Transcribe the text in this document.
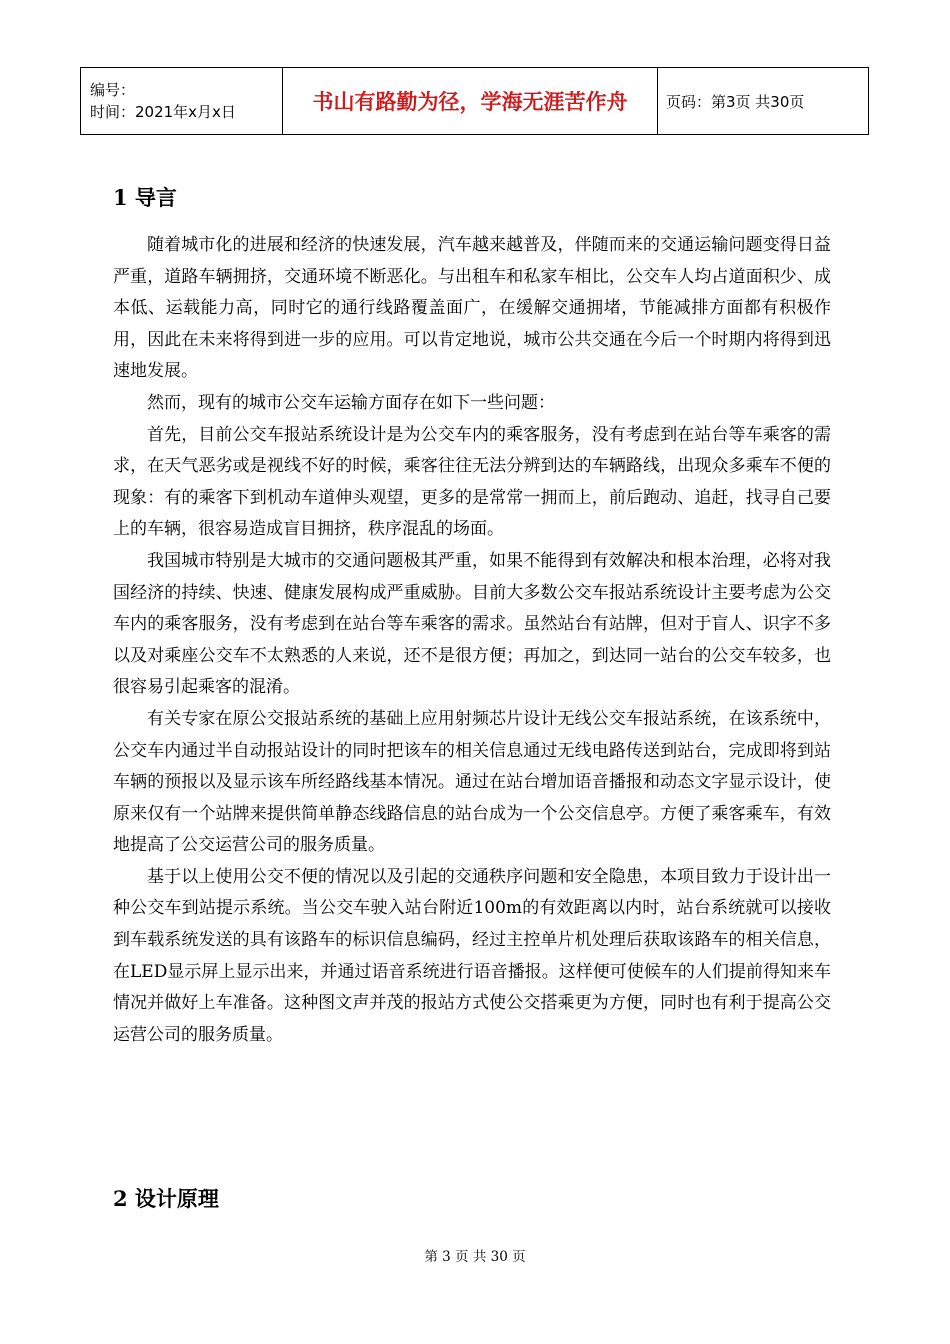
编号：
时间：2021年x月x日	书山有路勤为径，学海无涯苦作舟	页码：第3页 共30页
1 导言

随着城市化的进展和经济的快速发展，汽车越来越普及，伴随而来的交通运输问题变得日益严重，道路车辆拥挤，交通环境不断恶化。与出租车和私家车相比，公交车人均占道面积少、成本低、运载能力高，同时它的通行线路覆盖面广，在缓解交通拥堵，节能减排方面都有积极作用，因此在未来将得到进一步的应用。可以肯定地说，城市公共交通在今后一个时期内将得到迅速地发展。

然而，现有的城市公交车运输方面存在如下一些问题：

首先，目前公交车报站系统设计是为公交车内的乘客服务，没有考虑到在站台等车乘客的需求，在天气恶劣或是视线不好的时候，乘客往往无法分辨到达的车辆路线，出现众多乘车不便的现象：有的乘客下到机动车道伸头观望，更多的是常常一拥而上，前后跑动、追赶，找寻自己要上的车辆，很容易造成盲目拥挤，秩序混乱的场面。

我国城市特别是大城市的交通问题极其严重，如果不能得到有效解决和根本治理，必将对我国经济的持续、快速、健康发展构成严重威胁。目前大多数公交车报站系统设计主要考虑为公交车内的乘客服务，没有考虑到在站台等车乘客的需求。虽然站台有站牌，但对于盲人、识字不多以及对乘座公交车不太熟悉的人来说，还不是很方便；再加之，到达同一站台的公交车较多，也很容易引起乘客的混淆。

有关专家在原公交报站系统的基础上应用射频芯片设计无线公交车报站系统，在该系统中，公交车内通过半自动报站设计的同时把该车的相关信息通过无线电路传送到站台，完成即将到站车辆的预报以及显示该车所经路线基本情况。通过在站台增加语音播报和动态文字显示设计，使原来仅有一个站牌来提供简单静态线路信息的站台成为一个公交信息亭。方便了乘客乘车，有效地提高了公交运营公司的服务质量。

基于以上使用公交不便的情况以及引起的交通秩序问题和安全隐患，本项目致力于设计出一种公交车到站提示系统。当公交车驶入站台附近100m的有效距离以内时，站台系统就可以接收到车载系统发送的具有该路车的标识信息编码，经过主控单片机处理后获取该路车的相关信息，在LED显示屏上显示出来，并通过语音系统进行语音播报。这样便可使候车的人们提前得知来车情况并做好上车准备。这种图文声并茂的报站方式使公交搭乘更为方便，同时也有利于提高公交运营公司的服务质量。

2 设计原理
第 3 页 共 30 页
